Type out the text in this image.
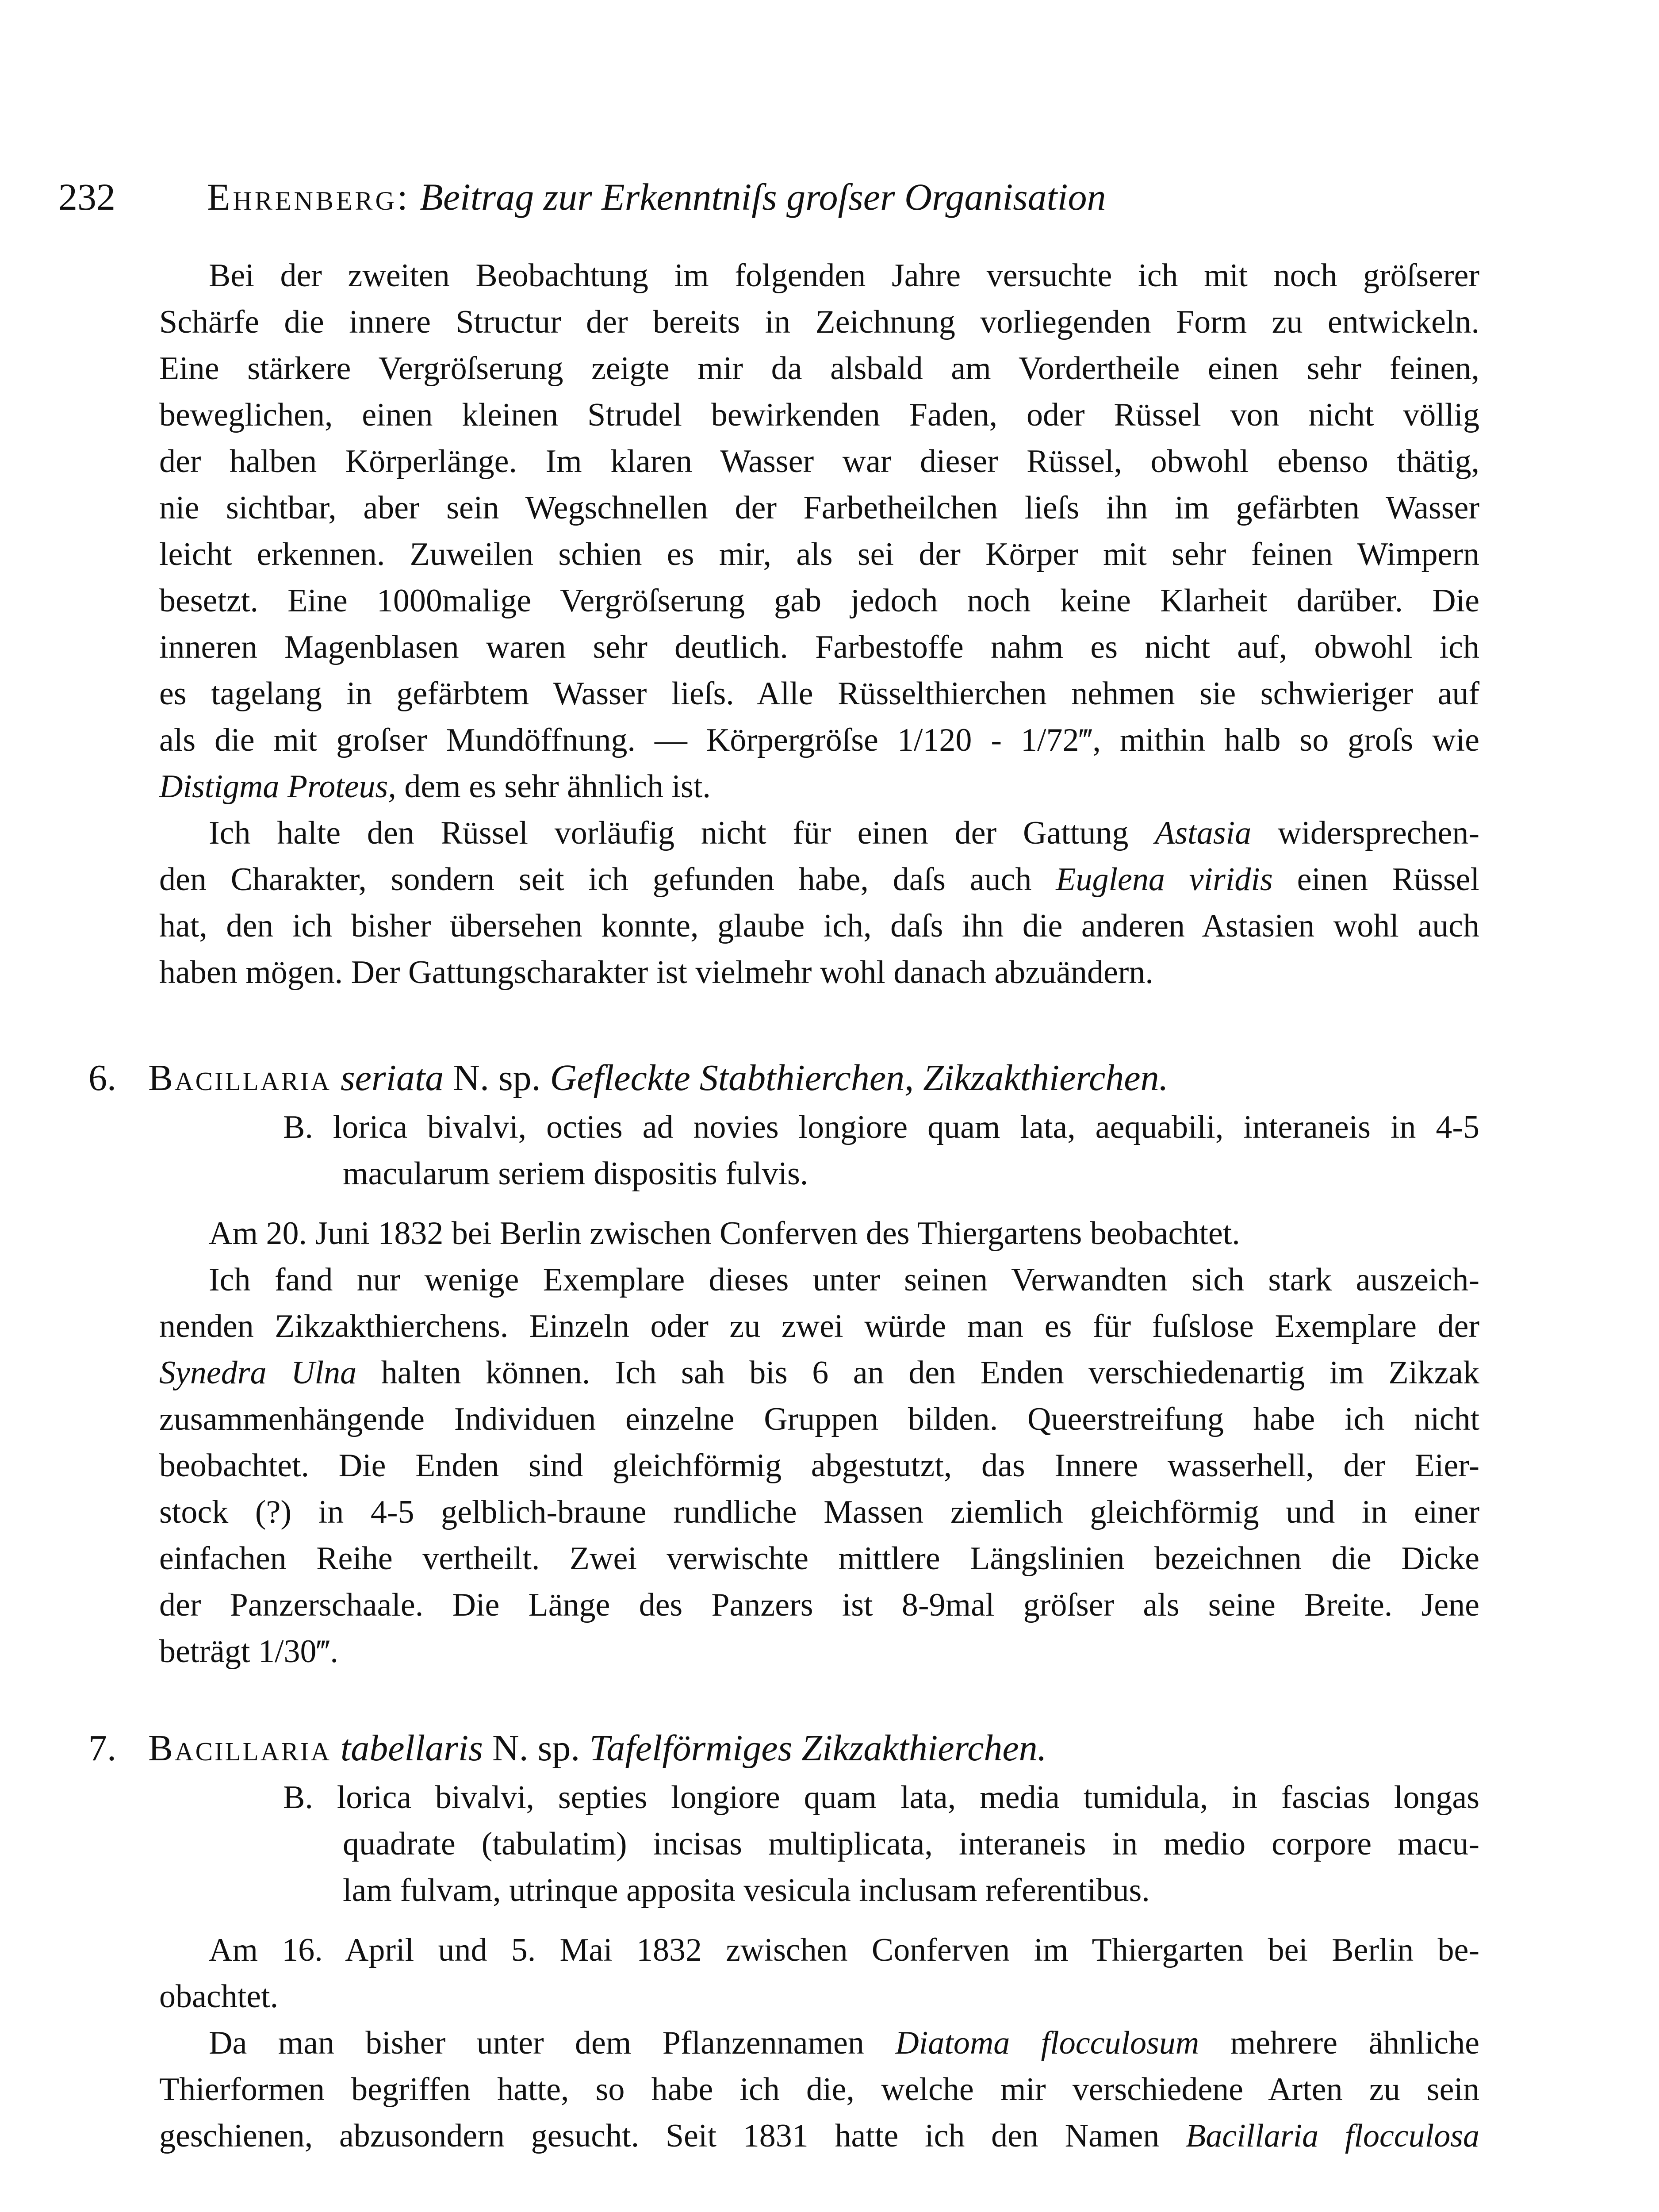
232 Ehrenberg: Beitrag zur Erkenntniſs groſser Organisation
Bei der zweiten Beobachtung im folgenden Jahre versuchte ich mit noch gröſserer
Schärfe die innere Structur der bereits in Zeichnung vorliegenden Form zu entwickeln.
Eine stärkere Vergröſserung zeigte mir da alsbald am Vordertheile einen sehr feinen,
beweglichen, einen kleinen Strudel bewirkenden Faden, oder Rüssel von nicht völlig
der halben Körperlänge. Im klaren Wasser war dieser Rüssel, obwohl ebenso thätig,
nie sichtbar, aber sein Wegschnellen der Farbetheilchen lieſs ihn im gefärbten Wasser
leicht erkennen. Zuweilen schien es mir, als sei der Körper mit sehr feinen Wimpern
besetzt. Eine 1000malige Vergröſserung gab jedoch noch keine Klarheit darüber. Die
inneren Magenblasen waren sehr deutlich. Farbestoffe nahm es nicht auf, obwohl ich
es tagelang in gefärbtem Wasser lieſs. Alle Rüsselthierchen nehmen sie schwieriger auf
als die mit groſser Mundöffnung. — Körpergröſse 1/120 - 1/72‴, mithin halb so groſs wie
Distigma Proteus, dem es sehr ähnlich ist.
Ich halte den Rüssel vorläufig nicht für einen der Gattung Astasia widersprechen-
den Charakter, sondern seit ich gefunden habe, daſs auch Euglena viridis einen Rüssel
hat, den ich bisher übersehen konnte, glaube ich, daſs ihn die anderen Astasien wohl auch
haben mögen. Der Gattungscharakter ist vielmehr wohl danach abzuändern.
6. Bacillaria seriata N. sp. Gefleckte Stabthierchen, Zikzakthierchen.
B. lorica bivalvi, octies ad novies longiore quam lata, aequabili, interaneis in 4-5
macularum seriem dispositis fulvis.
Am 20. Juni 1832 bei Berlin zwischen Conferven des Thiergartens beobachtet.
Ich fand nur wenige Exemplare dieses unter seinen Verwandten sich stark auszeich-
nenden Zikzakthierchens. Einzeln oder zu zwei würde man es für fuſslose Exemplare der
Synedra Ulna halten können. Ich sah bis 6 an den Enden verschiedenartig im Zikzak
zusammenhängende Individuen einzelne Gruppen bilden. Queerstreifung habe ich nicht
beobachtet. Die Enden sind gleichförmig abgestutzt, das Innere wasserhell, der Eier-
stock (?) in 4-5 gelblich-braune rundliche Massen ziemlich gleichförmig und in einer
einfachen Reihe vertheilt. Zwei verwischte mittlere Längslinien bezeichnen die Dicke
der Panzerschaale. Die Länge des Panzers ist 8-9mal gröſser als seine Breite. Jene
beträgt 1/30‴.
7. Bacillaria tabellaris N. sp. Tafelförmiges Zikzakthierchen.
B. lorica bivalvi, septies longiore quam lata, media tumidula, in fascias longas
quadrate (tabulatim) incisas multiplicata, interaneis in medio corpore macu-
lam fulvam, utrinque apposita vesicula inclusam referentibus.
Am 16. April und 5. Mai 1832 zwischen Conferven im Thiergarten bei Berlin be-
obachtet.
Da man bisher unter dem Pflanzennamen Diatoma flocculosum mehrere ähnliche
Thierformen begriffen hatte, so habe ich die, welche mir verschiedene Arten zu sein
geschienen, abzusondern gesucht. Seit 1831 hatte ich den Namen Bacillaria flocculosa
